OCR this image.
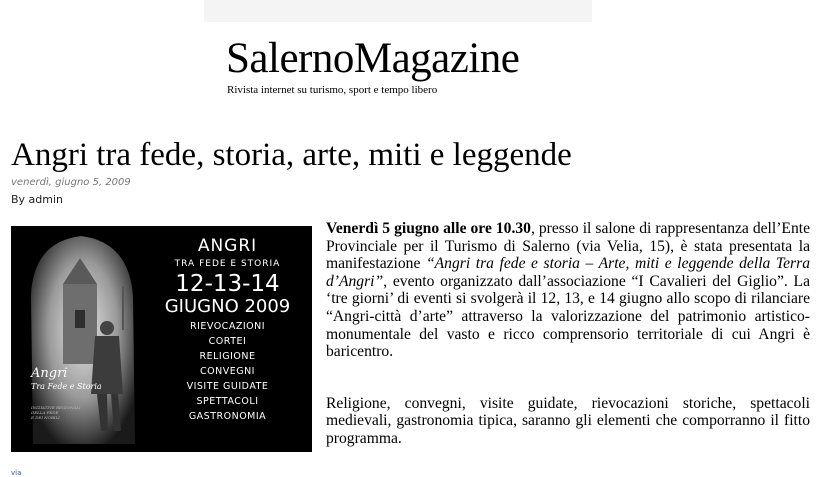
SalernoMagazine
Rivista internet su turismo, sport e tempo libero
Angri tra fede, storia, arte, miti e leggende
venerdì, giugno 5, 2009
By admin
Angri
Tra Fede e Storia
INIZIATIVE REGIONALI
DELLA FEDE
E DEI NOBILI
ANGRI
TRA FEDE E STORIA
12-13-14
GIUGNO 2009
RIEVOCAZIONI
CORTEI
RELIGIONE
CONVEGNI
VISITE GUIDATE
SPETTACOLI
GASTRONOMIA
via

Venerdì 5 giugno alle ore 10.30, presso il salone di rappresentanza dell’Ente Provinciale per il Turismo di Salerno (via Velia, 15), è stata presentata la manifestazione “Angri tra fede e storia – Arte, miti e leggende della Terra d’Angri”, evento organizzato dall’associazione “I Cavalieri del Giglio”. La ‘tre giorni’ di eventi si svolgerà il 12, 13, e 14 giugno allo scopo di rilanciare “Angri-città d’arte” attraverso la valorizzazione del patrimonio artistico-monumentale del vasto e ricco comprensorio territoriale di cui Angri è baricentro.

Religione, convegni, visite guidate, rievocazioni storiche, spettacoli medievali, gastronomia tipica, saranno gli elementi che comporranno il fitto programma.
